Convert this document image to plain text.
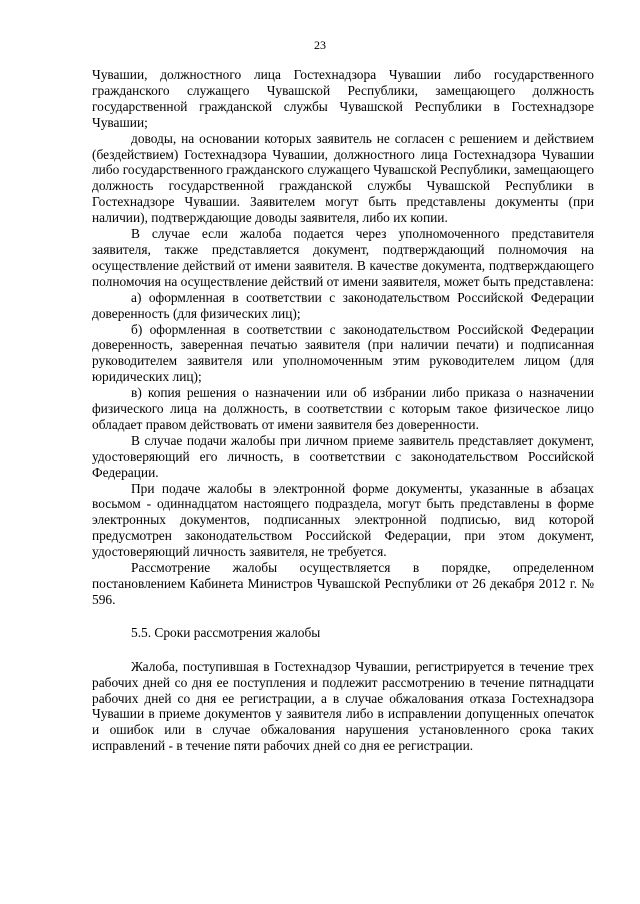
23

Чувашии, должностного лица Гостехнадзора Чувашии либо государственного гражданского служащего Чувашской Республики, замещающего должность государственной гражданской службы Чувашской Республики в Гостехнадзоре Чувашии;

доводы, на основании которых заявитель не согласен с решением и действием (бездействием) Гостехнадзора Чувашии, должностного лица Гостехнадзора Чувашии либо государственного гражданского служащего Чувашской Республики, замещающего должность государственной гражданской службы Чувашской Республики в Гостехнадзоре Чувашии. Заявителем могут быть представлены документы (при наличии), подтверждающие доводы заявителя, либо их копии.

В случае если жалоба подается через уполномоченного представителя заявителя, также представляется документ, подтверждающий полномочия на осуществление действий от имени заявителя. В качестве документа, подтверждающего полномочия на осуществление действий от имени заявителя, может быть представлена:

а) оформленная в соответствии с законодательством Российской Федерации доверенность (для физических лиц);

б) оформленная в соответствии с законодательством Российской Федерации доверенность, заверенная печатью заявителя (при наличии печати) и подписанная руководителем заявителя или уполномоченным этим руководителем лицом (для юридических лиц);

в) копия решения о назначении или об избрании либо приказа о назначении физического лица на должность, в соответствии с которым такое физическое лицо обладает правом действовать от имени заявителя без доверенности.

В случае подачи жалобы при личном приеме заявитель представляет документ, удостоверяющий его личность, в соответствии с законодательством Российской Федерации.

При подаче жалобы в электронной форме документы, указанные в абзацах восьмом - одиннадцатом настоящего подраздела, могут быть представлены в форме электронных документов, подписанных электронной подписью, вид которой предусмотрен законодательством Российской Федерации, при этом документ, удостоверяющий личность заявителя, не требуется.

Рассмотрение жалобы осуществляется в порядке, определенном постановлением Кабинета Министров Чувашской Республики от 26 декабря 2012 г. № 596.

5.5. Сроки рассмотрения жалобы

Жалоба, поступившая в Гостехнадзор Чувашии, регистрируется в течение трех рабочих дней со дня ее поступления и подлежит рассмотрению в течение пятнадцати рабочих дней со дня ее регистрации, а в случае обжалования отказа Гостехнадзора Чувашии в приеме документов у заявителя либо в исправлении допущенных опечаток и ошибок или в случае обжалования нарушения установленного срока таких исправлений - в течение пяти рабочих дней со дня ее регистрации.
